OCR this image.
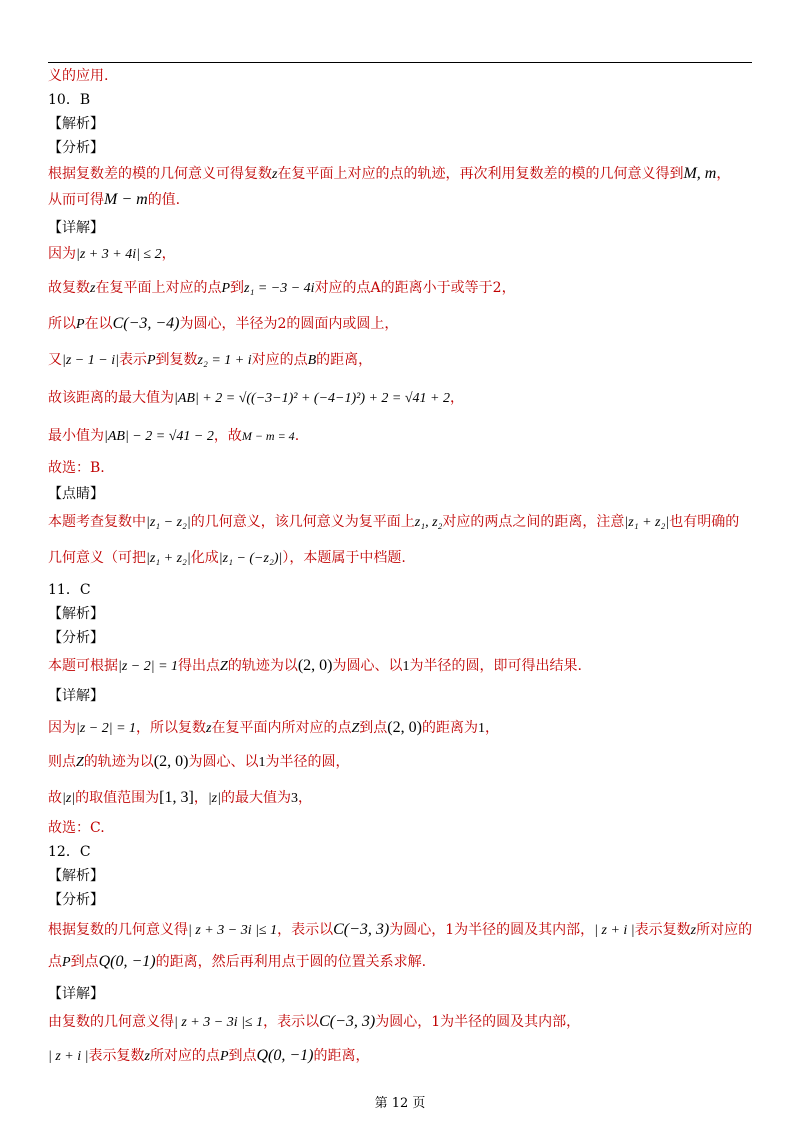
义的应用.
10．B
【解析】
【分析】
根据复数差的模的几何意义可得复数z在复平面上对应的点的轨迹，再次利用复数差的模的几何意义得到M, m，
从而可得M − m的值.
【详解】
因为|z + 3 + 4i| ≤ 2，
故复数z在复平面上对应的点P到z₁ = −3 − 4i对应的点A的距离小于或等于2，
所以P在以C(−3, −4)为圆心，半径为2的圆面内或圆上，
又|z − 1 − i|表示P到复数z₂ = 1 + i对应的点B的距离，
故该距离的最大值为|AB| + 2 = √((−3−1)² + (−4−1)²) + 2 = √41 + 2，
最小值为|AB| − 2 = √41 − 2，故M − m = 4.
故选：B.
【点睛】
本题考查复数中|z₁ − z₂|的几何意义，该几何意义为复平面上z₁, z₂对应的两点之间的距离，注意|z₁ + z₂|也有明确的
几何意义（可把|z₁ + z₂|化成|z₁ − (−z₂)|），本题属于中档题.
11．C
【解析】
【分析】
本题可根据|z − 2| = 1得出点Z的轨迹为以(2, 0)为圆心、以1为半径的圆，即可得出结果.
【详解】
因为|z − 2| = 1，所以复数z在复平面内所对应的点Z到点(2, 0)的距离为1，
则点Z的轨迹为以(2, 0)为圆心、以1为半径的圆，
故|z|的取值范围为[1, 3]，|z|的最大值为3，
故选：C.
12．C
【解析】
【分析】
根据复数的几何意义得| z + 3 − 3i |≤ 1，表示以C(−3, 3)为圆心，1为半径的圆及其内部，| z + i |表示复数z所对应的
点P到点Q(0, −1)的距离，然后再利用点于圆的位置关系求解.
【详解】
由复数的几何意义得| z + 3 − 3i |≤ 1，表示以C(−3, 3)为圆心，1为半径的圆及其内部，
| z + i |表示复数z所对应的点P到点Q(0, −1)的距离，
第 12 页
